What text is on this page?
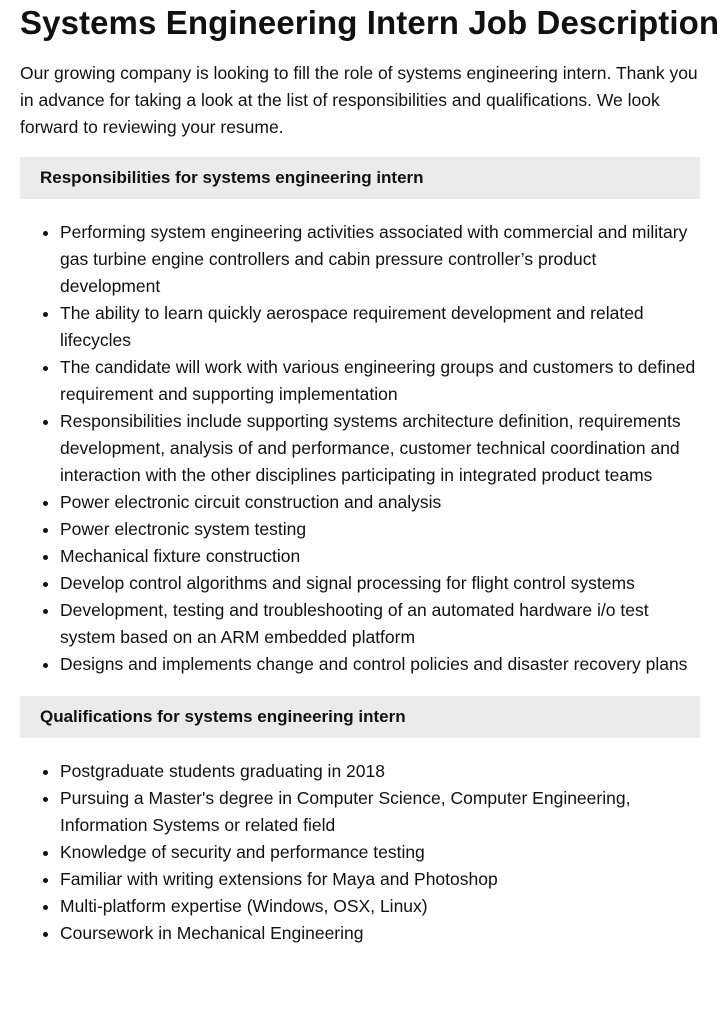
Systems Engineering Intern Job Description

Our growing company is looking to fill the role of systems engineering intern. Thank you in advance for taking a look at the list of responsibilities and qualifications. We look forward to reviewing your resume.

Responsibilities for systems engineering intern
• Performing system engineering activities associated with commercial and military gas turbine engine controllers and cabin pressure controller’s product development
• The ability to learn quickly aerospace requirement development and related lifecycles
• The candidate will work with various engineering groups and customers to defined requirement and supporting implementation
• Responsibilities include supporting systems architecture definition, requirements development, analysis of and performance, customer technical coordination and interaction with the other disciplines participating in integrated product teams
• Power electronic circuit construction and analysis
• Power electronic system testing
• Mechanical fixture construction
• Develop control algorithms and signal processing for flight control systems
• Development, testing and troubleshooting of an automated hardware i/o test system based on an ARM embedded platform
• Designs and implements change and control policies and disaster recovery plans
Qualifications for systems engineering intern
• Postgraduate students graduating in 2018
• Pursuing a Master's degree in Computer Science, Computer Engineering, Information Systems or related field
• Knowledge of security and performance testing
• Familiar with writing extensions for Maya and Photoshop
• Multi-platform expertise (Windows, OSX, Linux)
• Coursework in Mechanical Engineering
